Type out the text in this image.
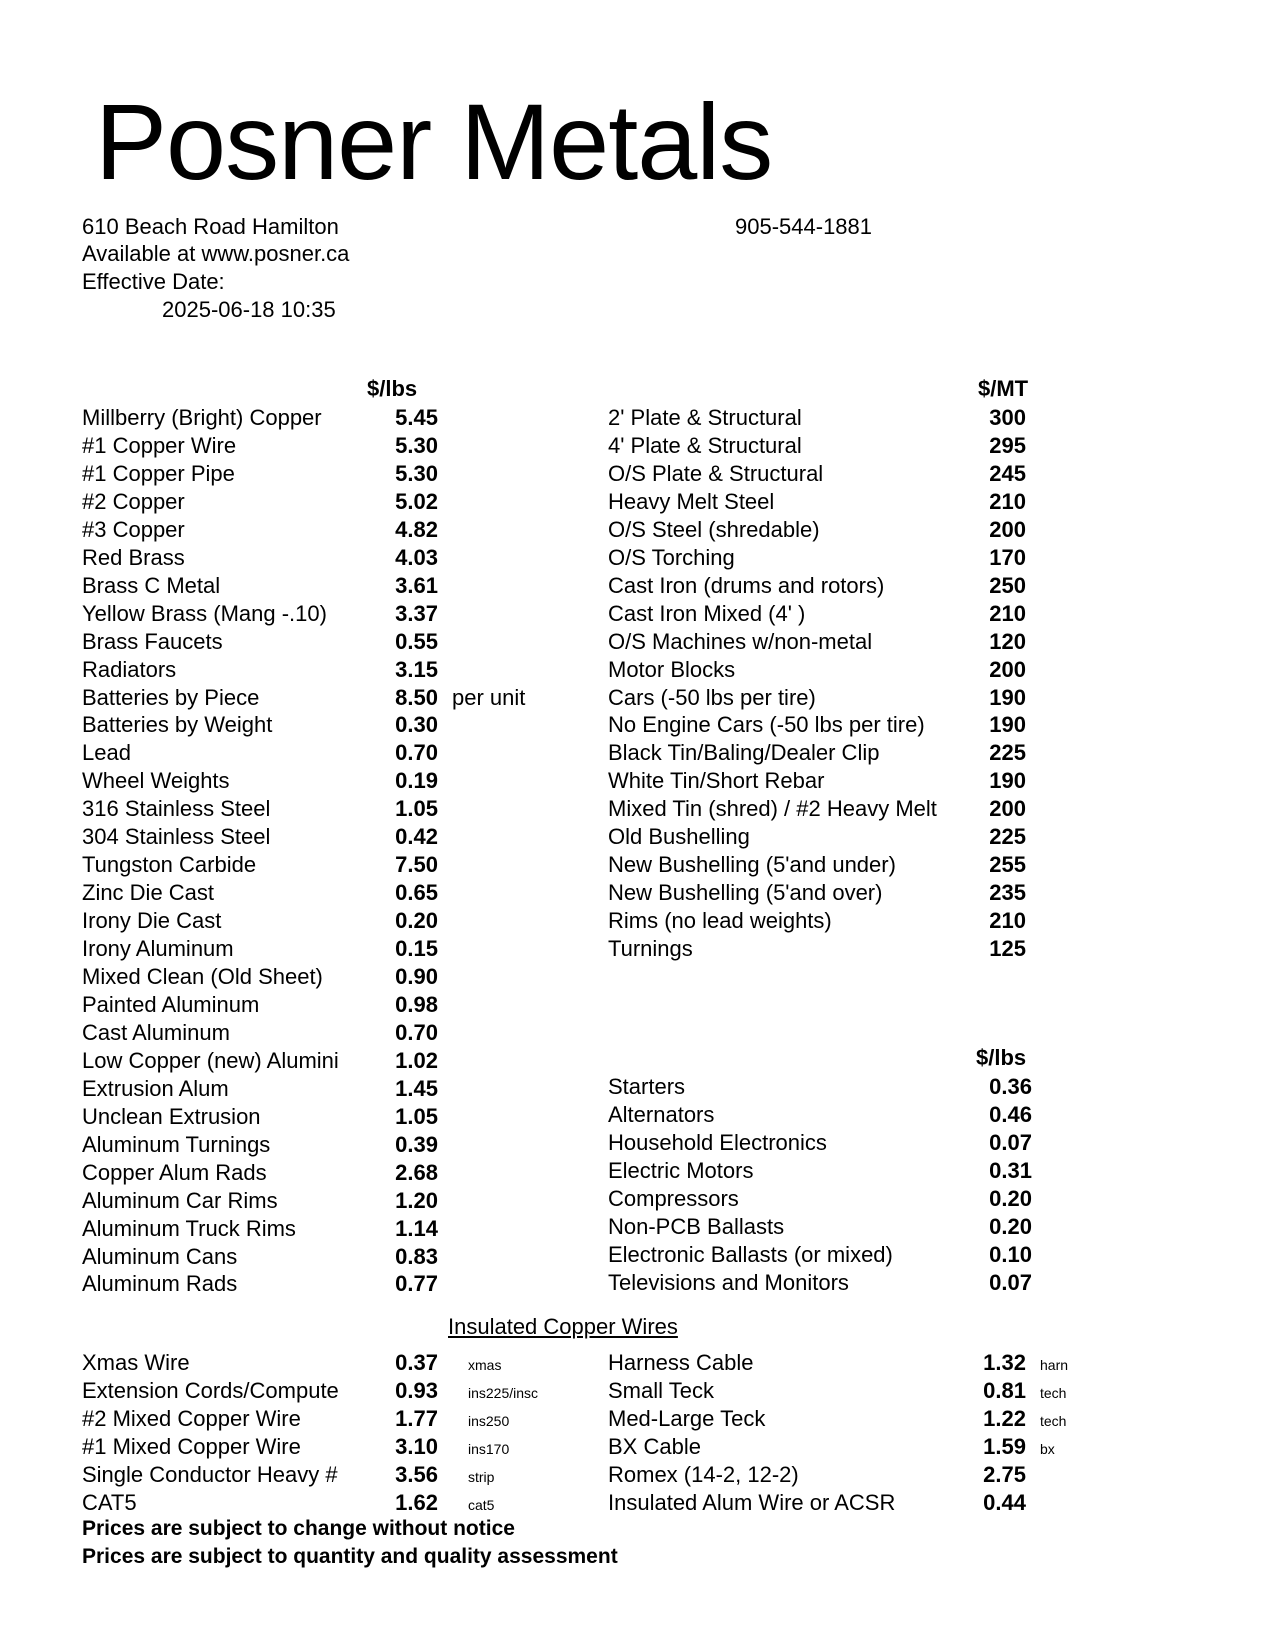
Posner Metals
610 Beach Road Hamilton	905-544-1881
Available at www.posner.ca
Effective Date:
2025-06-18 10:35
$/lbs	$/MT
$/lbs
Millberry (Bright) Copper	5.45
#1 Copper Wire	5.30
#1 Copper Pipe	5.30
#2 Copper	5.02
#3 Copper	4.82
Red Brass	4.03
Brass C Metal	3.61
Yellow Brass (Mang -.10)	3.37
Brass Faucets	0.55
Radiators	3.15
Batteries by Piece	8.50 per unit
Batteries by Weight	0.30
Lead	0.70
Wheel Weights	0.19
316 Stainless Steel	1.05
304 Stainless Steel	0.42
Tungston Carbide	7.50
Zinc Die Cast	0.65
Irony Die Cast	0.20
Irony Aluminum	0.15
Mixed Clean (Old Sheet)	0.90
Painted Aluminum	0.98
Cast Aluminum	0.70
Low Copper (new) Alumini	1.02
Extrusion Alum	1.45
Unclean Extrusion	1.05
Aluminum Turnings	0.39
Copper Alum Rads	2.68
Aluminum Car Rims	1.20
Aluminum Truck Rims	1.14
Aluminum Cans	0.83
Aluminum Rads	0.77
2' Plate & Structural	300
4' Plate & Structural	295
O/S Plate & Structural	245
Heavy Melt Steel	210
O/S Steel (shredable)	200
O/S Torching	170
Cast Iron (drums and rotors)	250
Cast Iron Mixed (4' )	210
O/S Machines w/non-metal	120
Motor Blocks	200
Cars (-50 lbs per tire)	190
No Engine Cars (-50 lbs per tire)	190
Black Tin/Baling/Dealer Clip	225
White Tin/Short Rebar	190
Mixed Tin (shred) / #2 Heavy Melt	200
Old Bushelling	225
New Bushelling (5'and under)	255
New Bushelling (5'and over)	235
Rims (no lead weights)	210
Turnings	125
Starters	0.36
Alternators	0.46
Household Electronics	0.07
Electric Motors	0.31
Compressors	0.20
Non-PCB Ballasts	0.20
Electronic Ballasts (or mixed)	0.10
Televisions and Monitors	0.07
Insulated Copper Wires
Xmas Wire	0.37 xmas
Extension Cords/Compute	0.93 ins225/insc
#2 Mixed Copper Wire	1.77 ins250
#1 Mixed Copper Wire	3.10 ins170
Single Conductor Heavy #	3.56 strip
CAT5	1.62 cat5
Harness Cable	1.32 harn
Small Teck	0.81 tech
Med-Large Teck	1.22 tech
BX Cable	1.59 bx
Romex (14-2, 12-2)	2.75
Insulated Alum Wire or ACSR	0.44
Prices are subject to change without notice
Prices are subject to quantity and quality assessment
